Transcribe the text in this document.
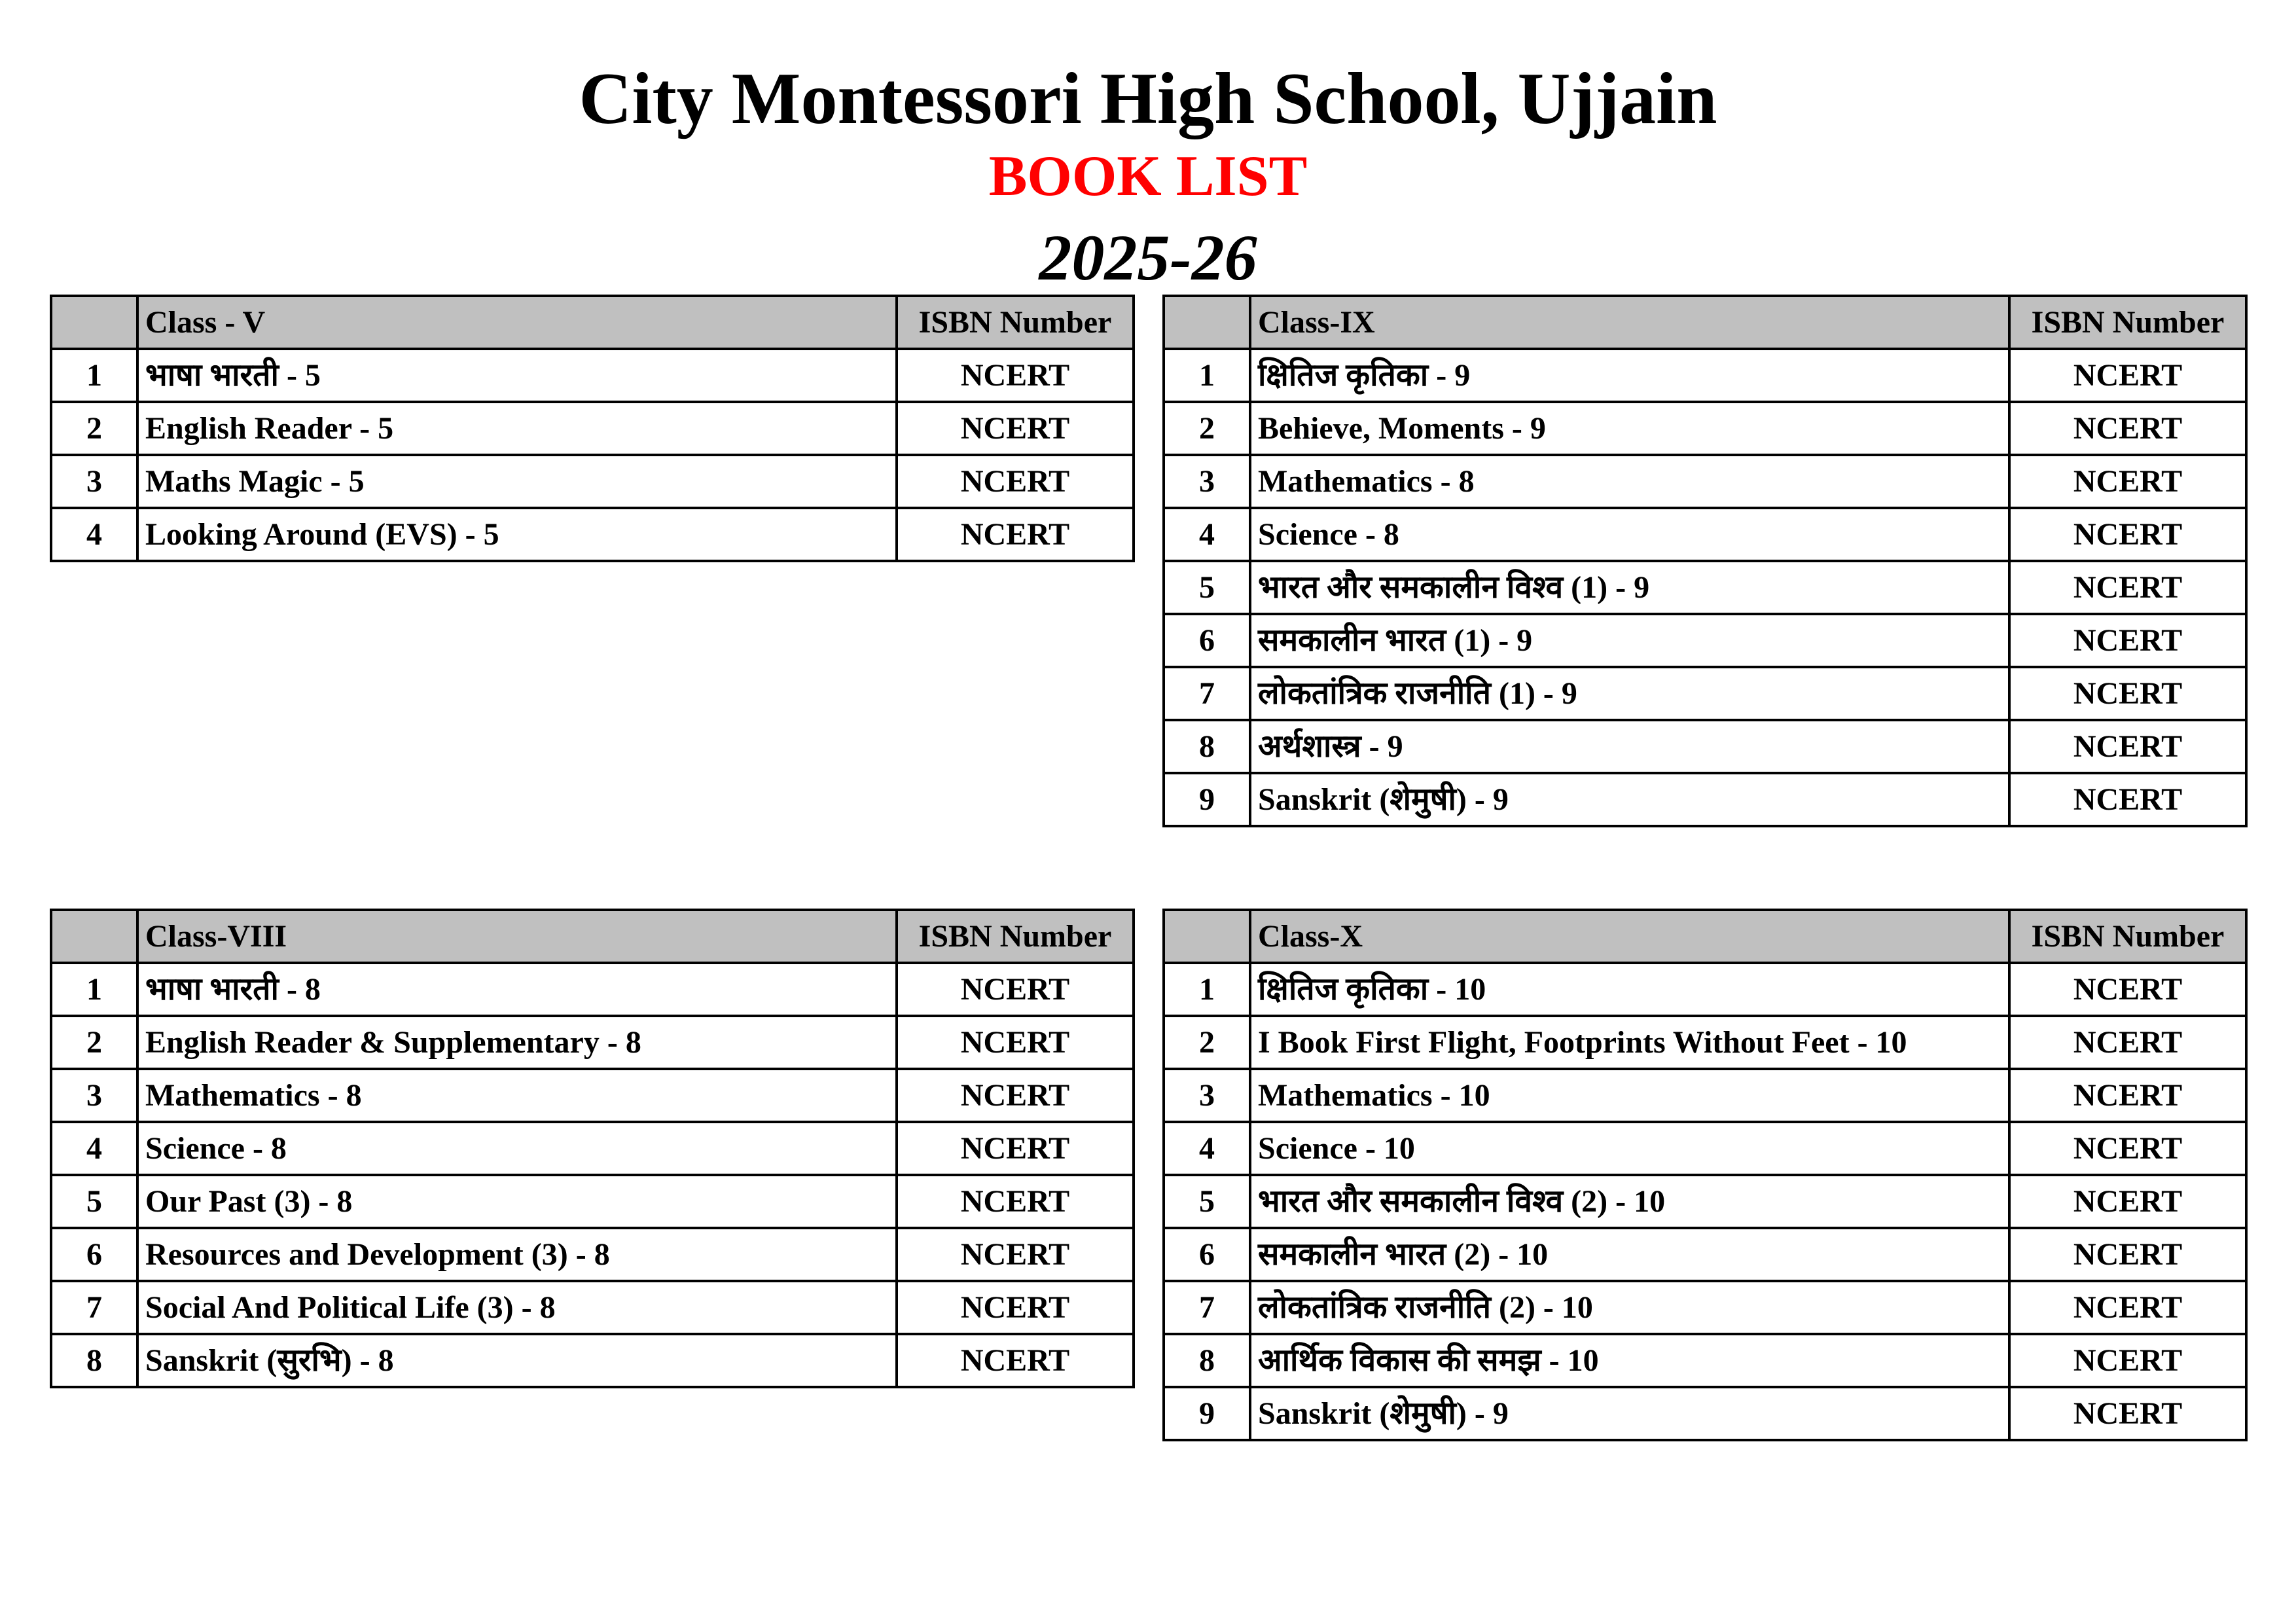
City Montessori High School, Ujjain
BOOK LIST
2025-26
	Class - V	ISBN Number
1	भाषा भारती - 5	NCERT
2	English Reader - 5	NCERT
3	Maths Magic - 5	NCERT
4	Looking Around (EVS) - 5	NCERT
	Class-IX	ISBN Number
1	क्षितिज कृतिका - 9	NCERT
2	Behieve, Moments - 9	NCERT
3	Mathematics - 8	NCERT
4	Science - 8	NCERT
5	भारत और समकालीन विश्व (1) - 9	NCERT
6	समकालीन भारत (1) - 9	NCERT
7	लोकतांत्रिक राजनीति (1) - 9	NCERT
8	अर्थशास्त्र - 9	NCERT
9	Sanskrit (शेमुषी) - 9	NCERT
	Class-VIII	ISBN Number
1	भाषा भारती - 8	NCERT
2	English Reader & Supplementary - 8	NCERT
3	Mathematics - 8	NCERT
4	Science - 8	NCERT
5	Our Past (3) - 8	NCERT
6	Resources and Development (3) - 8	NCERT
7	Social And Political Life (3) - 8	NCERT
8	Sanskrit (सुरभि) - 8	NCERT
	Class-X	ISBN Number
1	क्षितिज कृतिका - 10	NCERT
2	I Book First Flight, Footprints Without Feet - 10	NCERT
3	Mathematics - 10	NCERT
4	Science - 10	NCERT
5	भारत और समकालीन विश्व (2) - 10	NCERT
6	समकालीन भारत (2) - 10	NCERT
7	लोकतांत्रिक राजनीति (2) - 10	NCERT
8	आर्थिक विकास की समझ - 10	NCERT
9	Sanskrit (शेमुषी) - 9	NCERT
